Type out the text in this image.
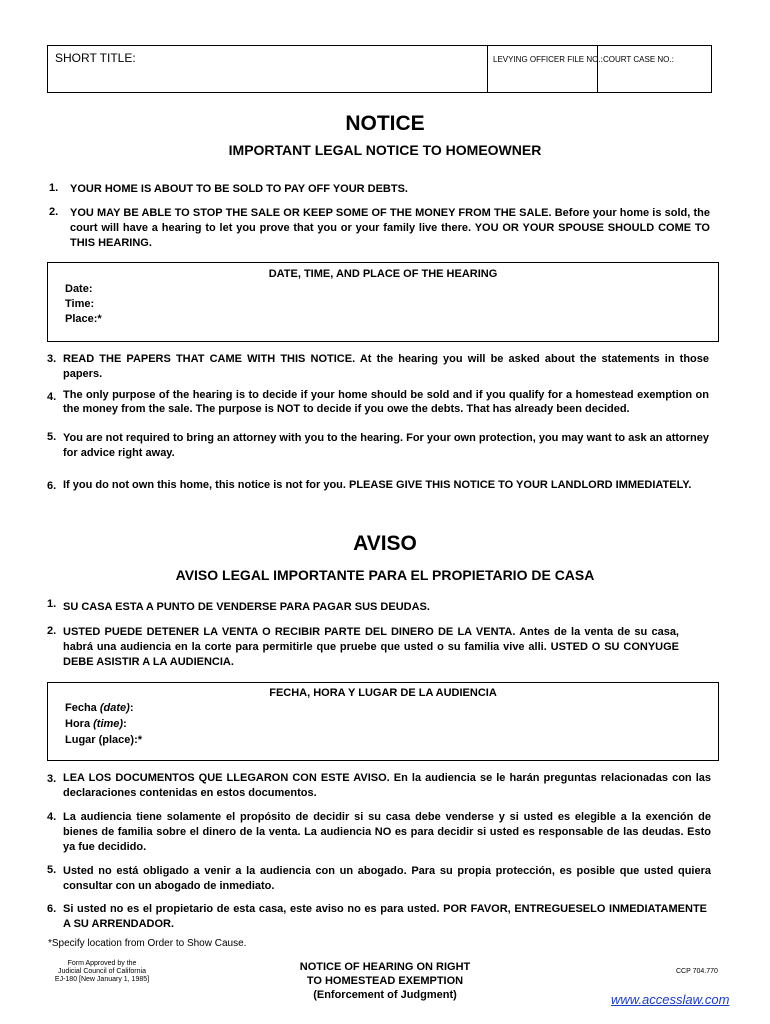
SHORT TITLE:	LEVYING OFFICER FILE NO.: COURT CASE NO.:
NOTICE
IMPORTANT LEGAL NOTICE TO HOMEOWNER
1. YOUR HOME IS ABOUT TO BE SOLD TO PAY OFF YOUR DEBTS.
2. YOU MAY BE ABLE TO STOP THE SALE OR KEEP SOME OF THE MONEY FROM THE SALE. Before your home is sold, the court will have a hearing to let you prove that you or your family live there. YOU OR YOUR SPOUSE SHOULD COME TO THIS HEARING.
DATE, TIME, AND PLACE OF THE HEARING
Date:
Time:
Place:*
3. READ THE PAPERS THAT CAME WITH THIS NOTICE. At the hearing you will be asked about the statements in those papers.
4. The only purpose of the hearing is to decide if your home should be sold and if you qualify for a homestead exemption on the money from the sale. The purpose is NOT to decide if you owe the debts. That has already been decided.
5. You are not required to bring an attorney with you to the hearing. For your own protection, you may want to ask an attorney for advice right away.
6. If you do not own this home, this notice is not for you. PLEASE GIVE THIS NOTICE TO YOUR LANDLORD IMMEDIATELY.
AVISO
AVISO LEGAL IMPORTANTE PARA EL PROPIETARIO DE CASA
1. SU CASA ESTA A PUNTO DE VENDERSE PARA PAGAR SUS DEUDAS.
2. USTED PUEDE DETENER LA VENTA O RECIBIR PARTE DEL DINERO DE LA VENTA. Antes de la venta de su casa, habrá una audiencia en la corte para permitirle que pruebe que usted o su familia vive alli. USTED O SU CONYUGE DEBE ASISTIR A LA AUDIENCIA.
FECHA, HORA Y LUGAR DE LA AUDIENCIA
Fecha (date):
Hora (time):
Lugar (place):*
3. LEA LOS DOCUMENTOS QUE LLEGARON CON ESTE AVISO. En la audiencia se le harán preguntas relacionadas con las declaraciones contenidas en estos documentos.
4. La audiencia tiene solamente el propósito de decidir si su casa debe venderse y si usted es elegible a la exención de bienes de familia sobre el dinero de la venta. La audiencia NO es para decidir si usted es responsable de las deudas. Esto ya fue decidido.
5. Usted no está obligado a venir a la audiencia con un abogado. Para su propia protección, es posible que usted quiera consultar con un abogado de inmediato.
6. Si usted no es el propietario de esta casa, este aviso no es para usted. POR FAVOR, ENTREGUESELO INMEDIATAMENTE A SU ARRENDADOR.
*Specify location from Order to Show Cause.
Form Approved by the
Judicial Council of California
EJ-180 [New January 1, 1985]
NOTICE OF HEARING ON RIGHT
TO HOMESTEAD EXEMPTION
(Enforcement of Judgment)
CCP 704.770
www.accesslaw.com
